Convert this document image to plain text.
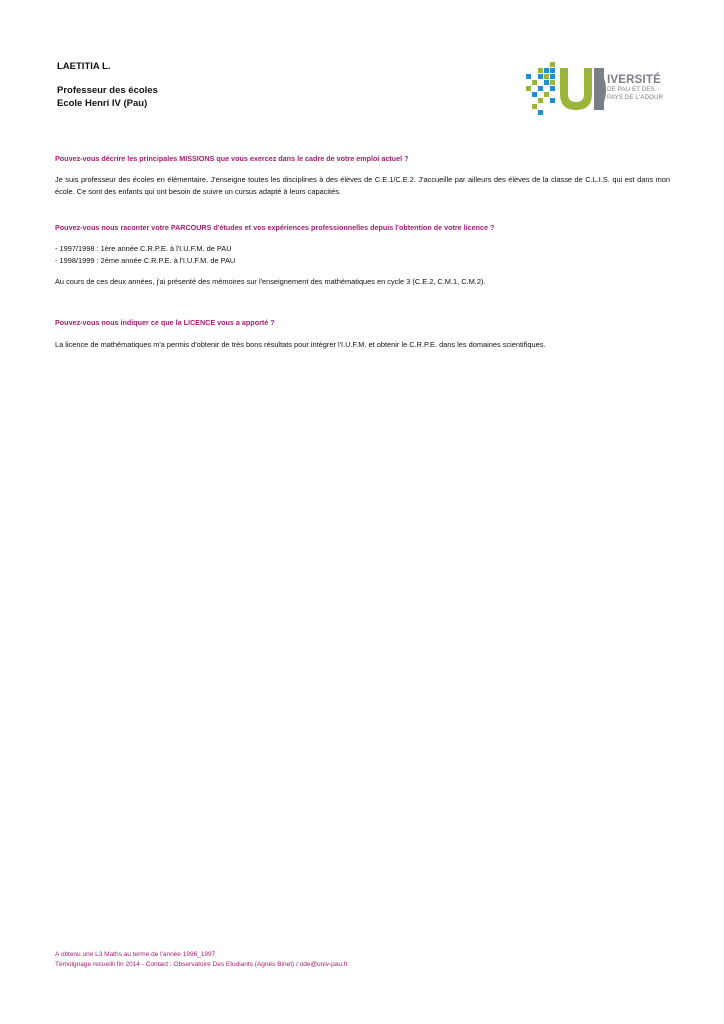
LAETITIA L.
Professeur des écoles
Ecole Henri IV (Pau)
IVERSITÉ
DE PAU ET DES
PAYS DE L'ADOUR
Pouvez-vous décrire les principales MISSIONS que vous exercez dans le cadre de votre emploi actuel ?
Je suis professeur des écoles en élémentaire. J'enseigne toutes les disciplines à des élèves de C.E.1/C.E.2. J'accueille par ailleurs des élèves de la classe de C.L.I.S. qui est dans mon école. Ce sont des enfants qui ont besoin de suivre un cursus adapté à leurs capacités.
Pouvez-vous nous raconter votre PARCOURS d'études et vos expériences professionnelles depuis l'obtention de votre licence ?
- 1997/1998 : 1ère année C.R.P.E. à l'I.U.F.M. de PAU
- 1998/1999 : 2ème année C.R.P.E. à l'I.U.F.M. de PAU
Au cours de ces deux années, j'ai présenté des mémoires sur l'enseignement des mathématiques en cycle 3 (C.E.2, C.M.1, C.M.2).
Pouvez-vous nous indiquer ce que la LICENCE vous a apporté ?
La licence de mathématiques m'a permis d'obtenir de très bons résultats pour intégrer l'I.U.F.M. et obtenir le C.R.P.E. dans les domaines scientifiques.
A obtenu une L3 Maths au terme de l'année 1996_1997
Témoignage recueilli fin 2014 - Contact : Observatoire Des Etudiants (Agnès Binet) / ode@univ-pau.fr
